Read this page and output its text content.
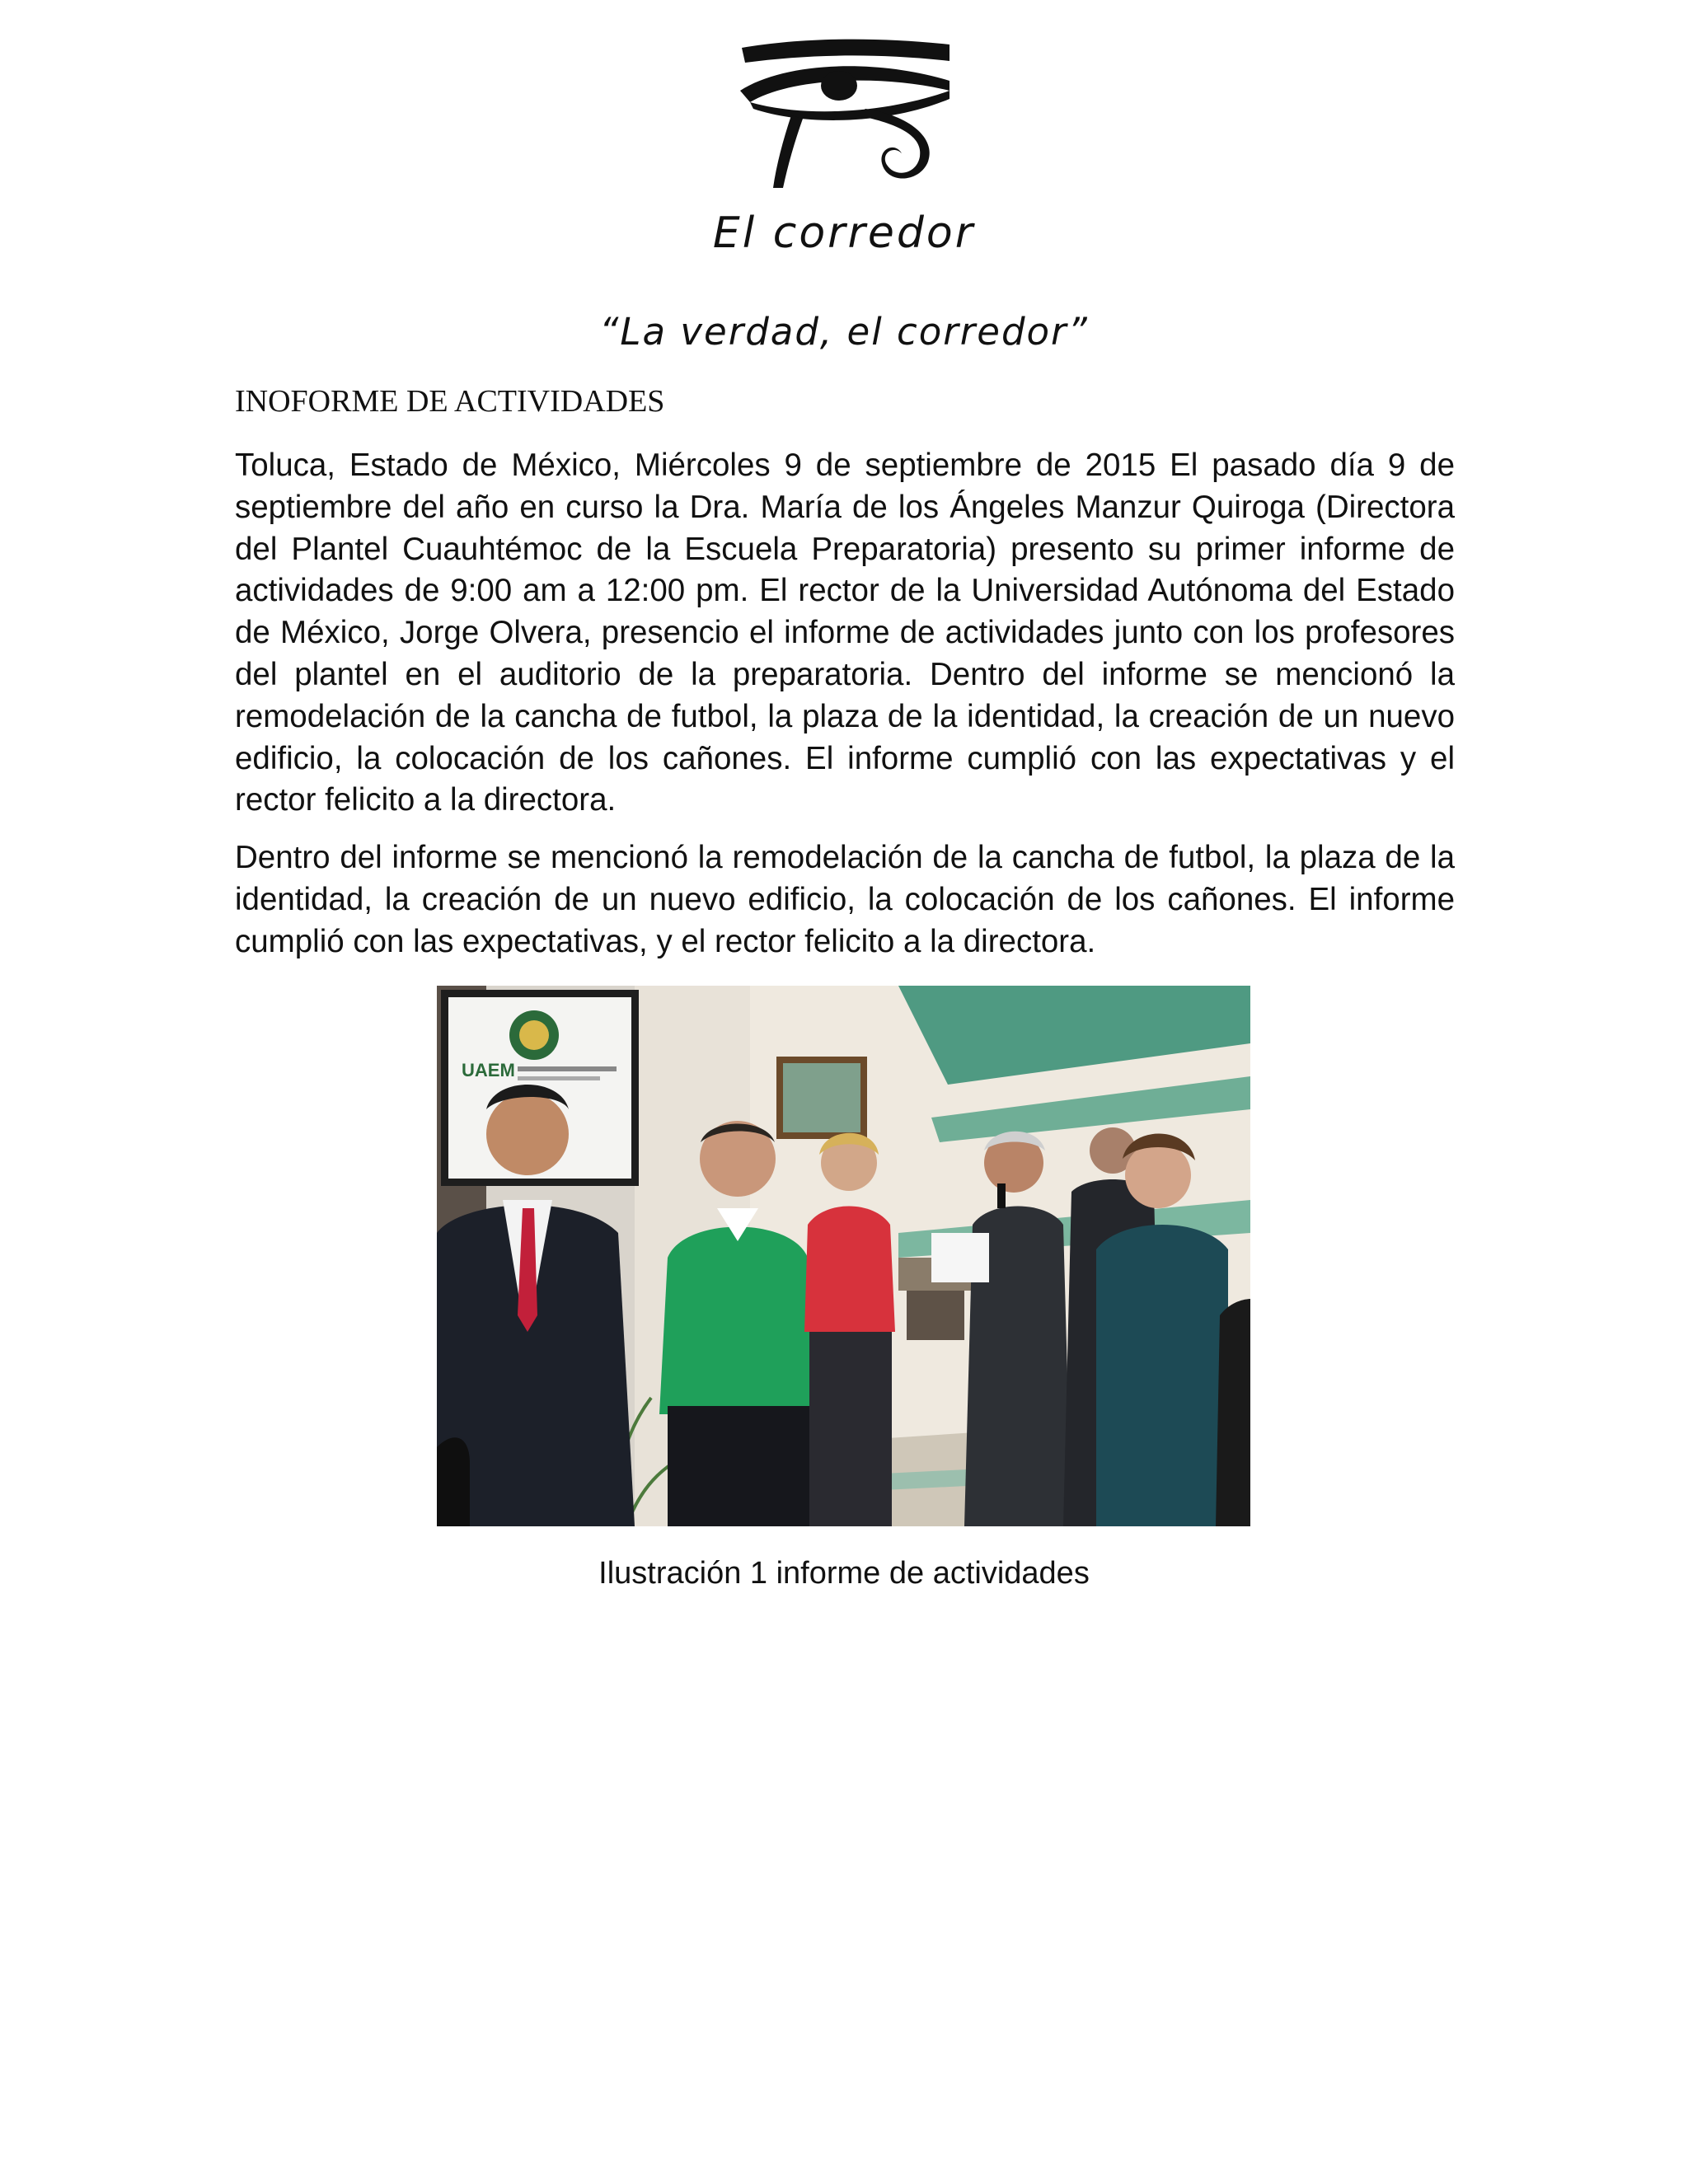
El corredor

“La verdad, el corredor”

INOFORME DE ACTIVIDADES

Toluca, Estado de México, Miércoles 9 de septiembre de 2015 El pasado día 9 de septiembre del año en curso la Dra. María de los Ángeles Manzur Quiroga (Directora del Plantel Cuauhtémoc de la Escuela Preparatoria) presento su primer informe de actividades de 9:00 am a 12:00 pm. El rector de la Universidad Autónoma del Estado de México, Jorge Olvera, presencio el informe de actividades junto con los profesores del plantel en el auditorio de la preparatoria. Dentro del informe se mencionó la remodelación de la cancha de futbol, la plaza de la identidad, la creación de un nuevo edificio, la colocación de los cañones. El informe cumplió con las expectativas y el rector felicito a la directora.

Dentro del informe se mencionó la remodelación de la cancha de futbol, la plaza de la identidad, la creación de un nuevo edificio, la colocación de los cañones. El informe cumplió con las expectativas, y el rector felicito a la directora.

UAEM

Ilustración 1 informe de actividades
